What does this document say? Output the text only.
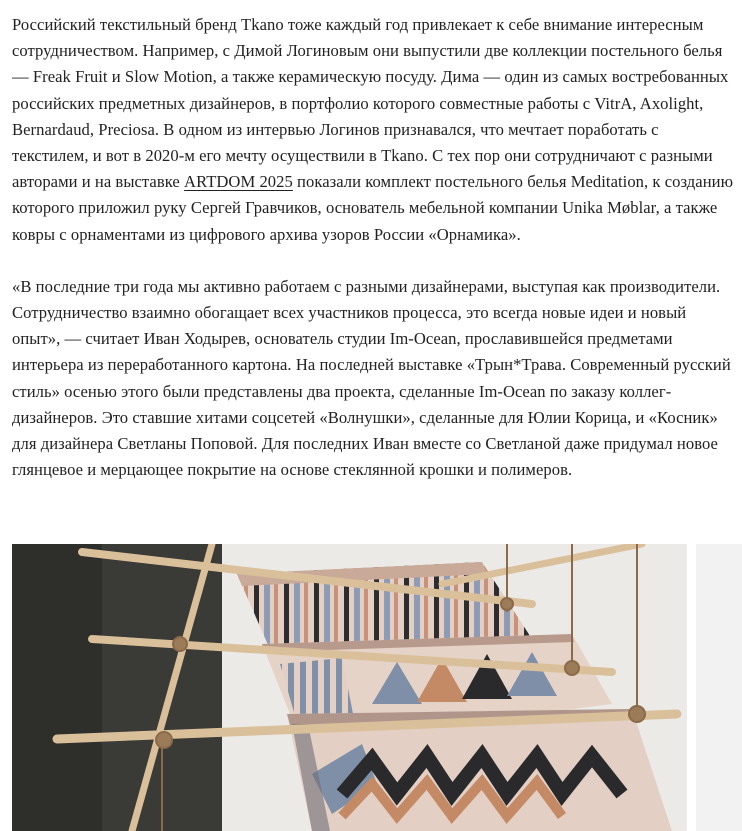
Российский текстильный бренд Tkano тоже каждый год привлекает к себе внимание интересным сотрудничеством. Например, с Димой Логиновым они выпустили две коллекции постельного белья — Freak Fruit и Slow Motion, а также керамическую посуду. Дима — один из самых востребованных российских предметных дизайнеров, в портфолио которого совместные работы с VitrA, Axolight, Bernardaud, Preciosa. В одном из интервью Логинов признавался, что мечтает поработать с текстилем, и вот в 2020-м его мечту осуществили в Tkano. С тех пор они сотрудничают с разными авторами и на выставке ARTDOM 2025 показали комплект постельного белья Meditation, к созданию которого приложил руку Сергей Гравчиков, основатель мебельной компании Unika Møblar, а также ковры с орнаментами из цифрового архива узоров России «Орнамика».

«В последние три года мы активно работаем с разными дизайнерами, выступая как производители. Сотрудничество взаимно обогащает всех участников процесса, это всегда новые идеи и новый опыт», — считает Иван Ходырев, основатель студии Im-Ocean, прославившейся предметами интерьера из переработанного картона. На последней выставке «Трын*Трава. Современный русский стиль» осенью этого были представлены два проекта, сделанные Im-Ocean по заказу коллег-дизайнеров. Это ставшие хитами соцсетей «Волнушки», сделанные для Юлии Корица, и «Косник» для дизайнера Светланы Поповой. Для последних Иван вместе со Светланой даже придумал новое глянцевое и мерцающее покрытие на основе стеклянной крошки и полимеров.
